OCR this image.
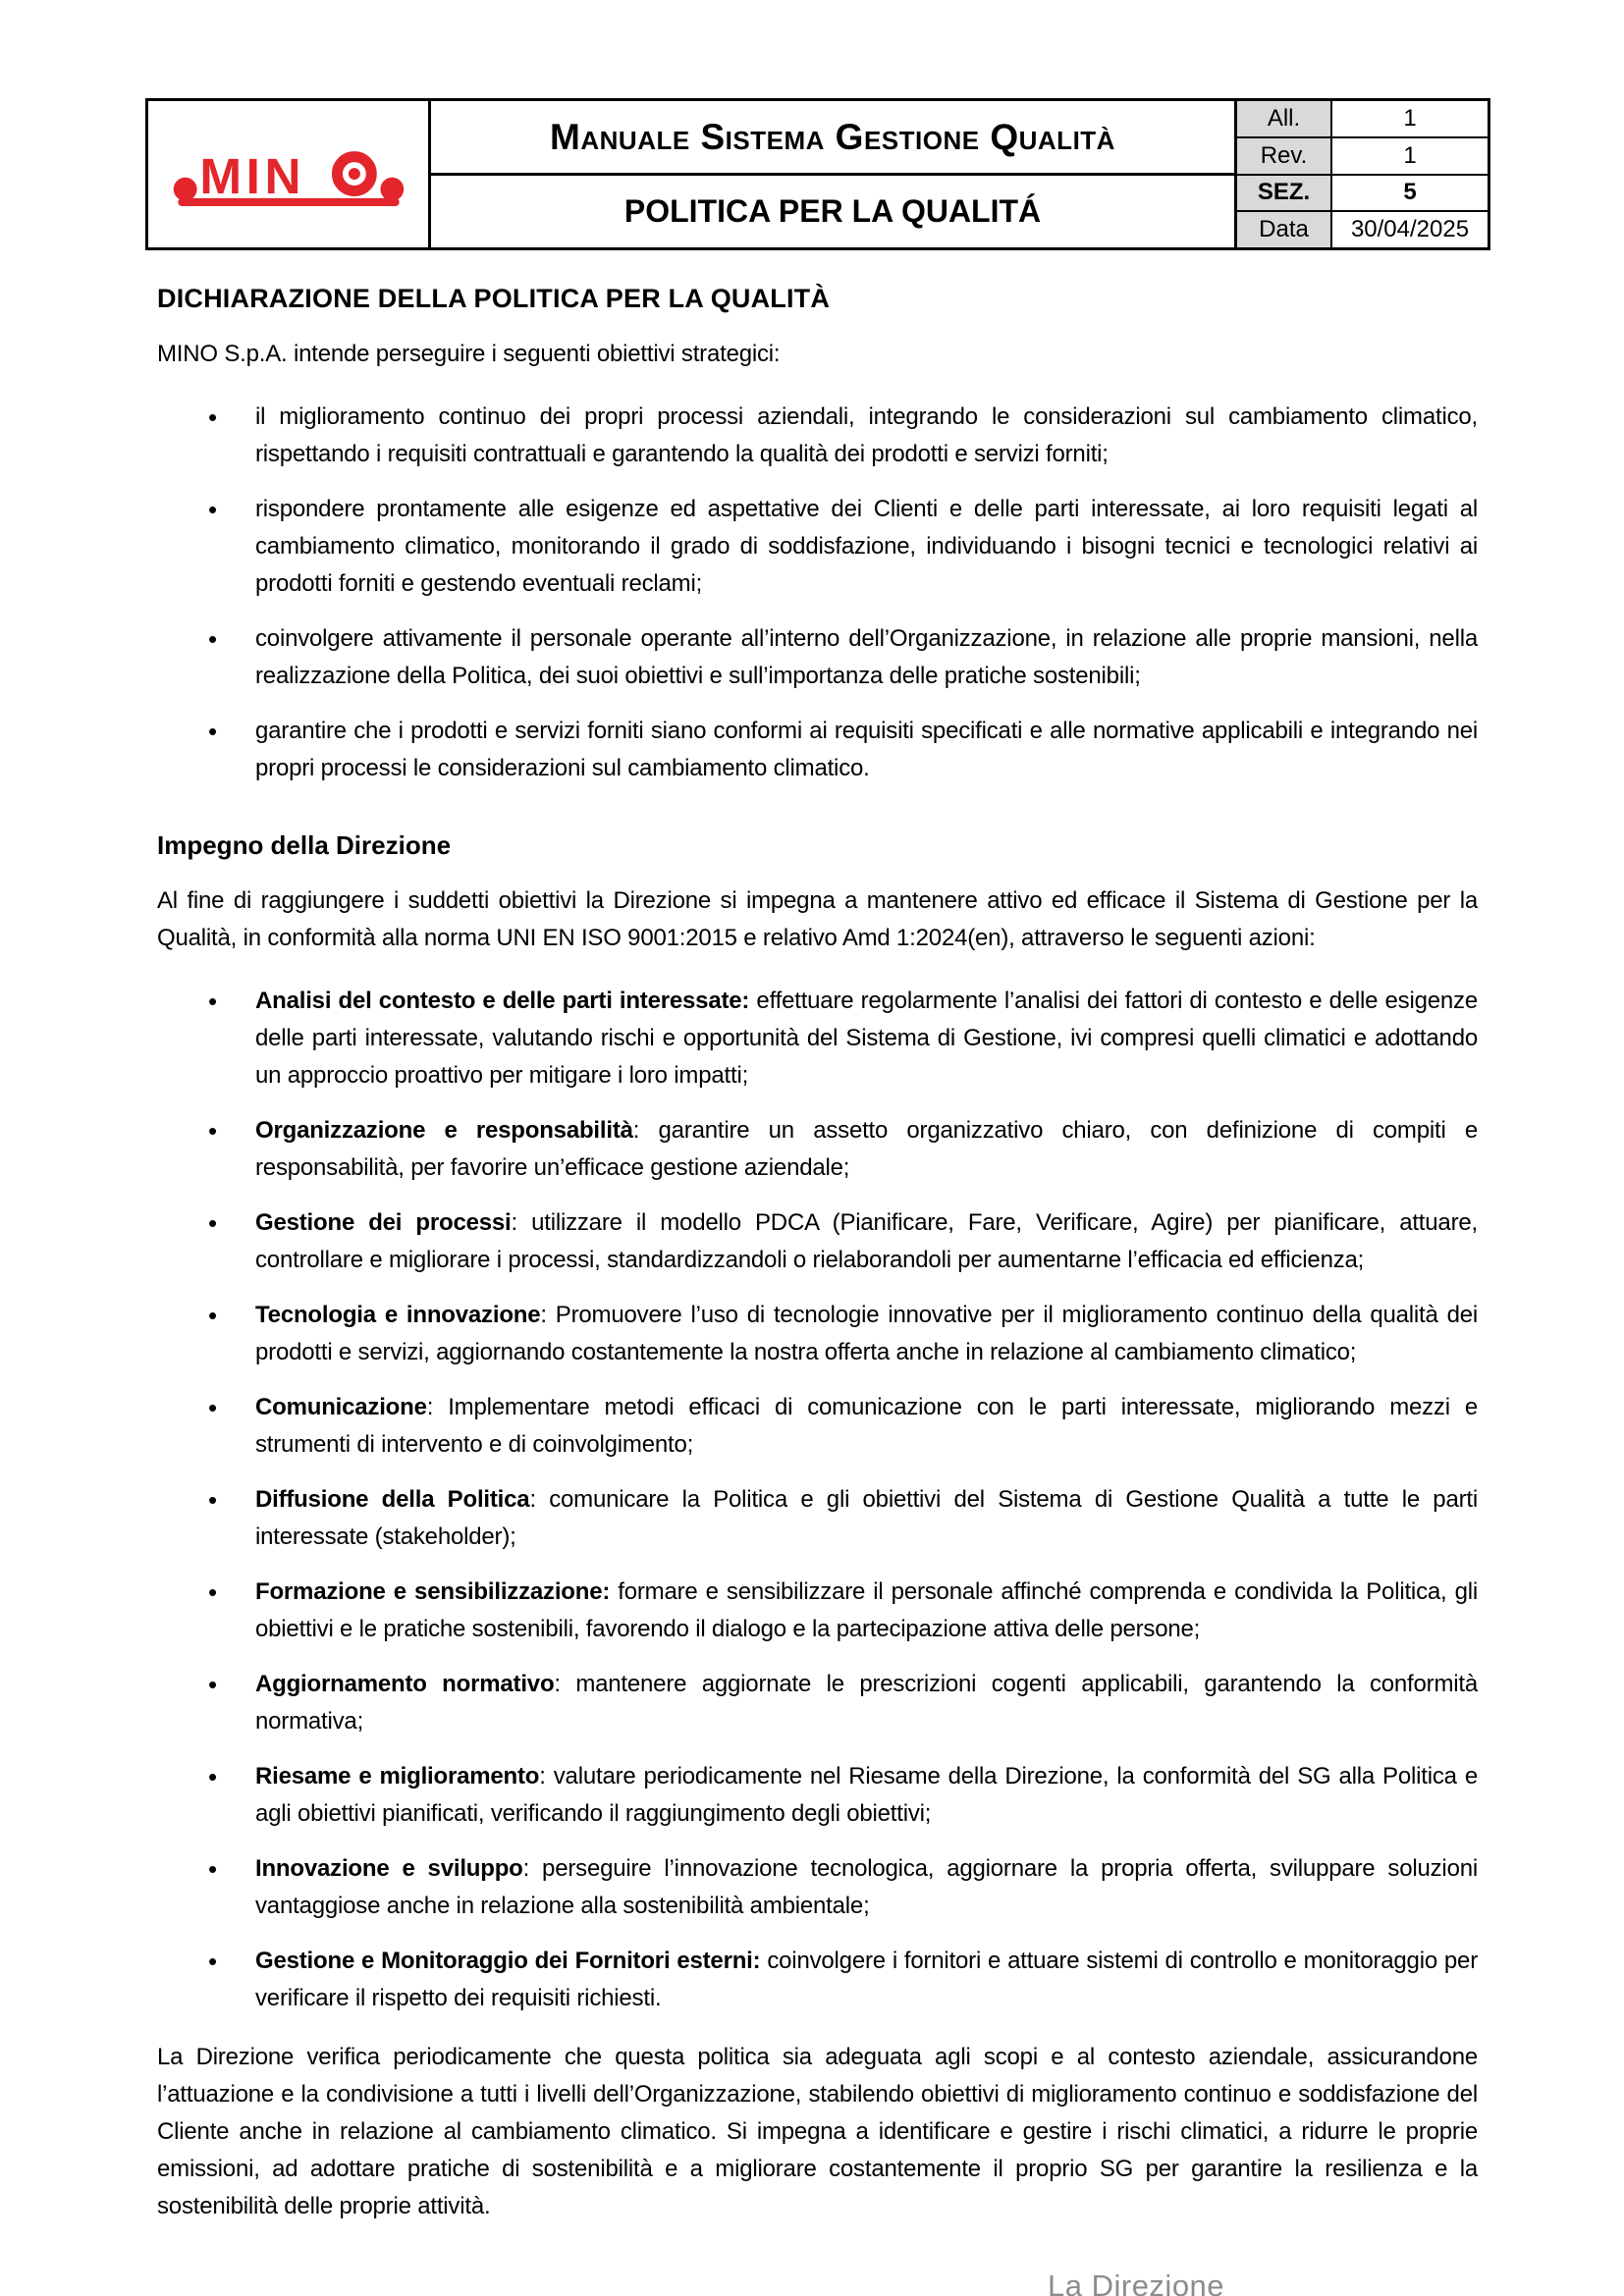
MIN
Manuale Sistema Gestione Qualità
POLITICA PER LA QUALITÁ
All.	1
Rev.	1
SEZ.	5
Data	30/04/2025
DICHIARAZIONE DELLA POLITICA PER LA QUALITÀ

MINO S.p.A. intende perseguire i seguenti obiettivi strategici:

• il miglioramento continuo dei propri processi aziendali, integrando le considerazioni sul cambiamento climatico, rispettando i requisiti contrattuali e garantendo la qualità dei prodotti e servizi forniti;
• rispondere prontamente alle esigenze ed aspettative dei Clienti e delle parti interessate, ai loro requisiti legati al cambiamento climatico, monitorando il grado di soddisfazione, individuando i bisogni tecnici e tecnologici relativi ai prodotti forniti e gestendo eventuali reclami;
• coinvolgere attivamente il personale operante all’interno dell’Organizzazione, in relazione alle proprie mansioni, nella realizzazione della Politica, dei suoi obiettivi e sull’importanza delle pratiche sostenibili;
• garantire che i prodotti e servizi forniti siano conformi ai requisiti specificati e alle normative applicabili e integrando nei propri processi le considerazioni sul cambiamento climatico.
Impegno della Direzione

Al fine di raggiungere i suddetti obiettivi la Direzione si impegna a mantenere attivo ed efficace il Sistema di Gestione per la Qualità, in conformità alla norma UNI EN ISO 9001:2015 e relativo Amd 1:2024(en), attraverso le seguenti azioni:

• Analisi del contesto e delle parti interessate: effettuare regolarmente l’analisi dei fattori di contesto e delle esigenze delle parti interessate, valutando rischi e opportunità del Sistema di Gestione, ivi compresi quelli climatici e adottando un approccio proattivo per mitigare i loro impatti;
• Organizzazione e responsabilità: garantire un assetto organizzativo chiaro, con definizione di compiti e responsabilità, per favorire un’efficace gestione aziendale;
• Gestione dei processi: utilizzare il modello PDCA (Pianificare, Fare, Verificare, Agire) per pianificare, attuare, controllare e migliorare i processi, standardizzandoli o rielaborandoli per aumentarne l’efficacia ed efficienza;
• Tecnologia e innovazione: Promuovere l’uso di tecnologie innovative per il miglioramento continuo della qualità dei prodotti e servizi, aggiornando costantemente la nostra offerta anche in relazione al cambiamento climatico;
• Comunicazione: Implementare metodi efficaci di comunicazione con le parti interessate, migliorando mezzi e strumenti di intervento e di coinvolgimento;
• Diffusione della Politica: comunicare la Politica e gli obiettivi del Sistema di Gestione Qualità a tutte le parti interessate (stakeholder);
• Formazione e sensibilizzazione: formare e sensibilizzare il personale affinché comprenda e condivida la Politica, gli obiettivi e le pratiche sostenibili, favorendo il dialogo e la partecipazione attiva delle persone;
• Aggiornamento normativo: mantenere aggiornate le prescrizioni cogenti applicabili, garantendo la conformità normativa;
• Riesame e miglioramento: valutare periodicamente nel Riesame della Direzione, la conformità del SG alla Politica e agli obiettivi pianificati, verificando il raggiungimento degli obiettivi;
• Innovazione e sviluppo: perseguire l’innovazione tecnologica, aggiornare la propria offerta, sviluppare soluzioni vantaggiose anche in relazione alla sostenibilità ambientale;
• Gestione e Monitoraggio dei Fornitori esterni: coinvolgere i fornitori e attuare sistemi di controllo e monitoraggio per verificare il rispetto dei requisiti richiesti.

La Direzione verifica periodicamente che questa politica sia adeguata agli scopi e al contesto aziendale, assicurandone l’attuazione e la condivisione a tutti i livelli dell’Organizzazione, stabilendo obiettivi di miglioramento continuo e soddisfazione del Cliente anche in relazione al cambiamento climatico. Si impegna a identificare e gestire i rischi climatici, a ridurre le proprie emissioni, ad adottare pratiche di sostenibilità e a migliorare costantemente il proprio SG per garantire la resilienza e la sostenibilità delle proprie attività.

La Direzione
